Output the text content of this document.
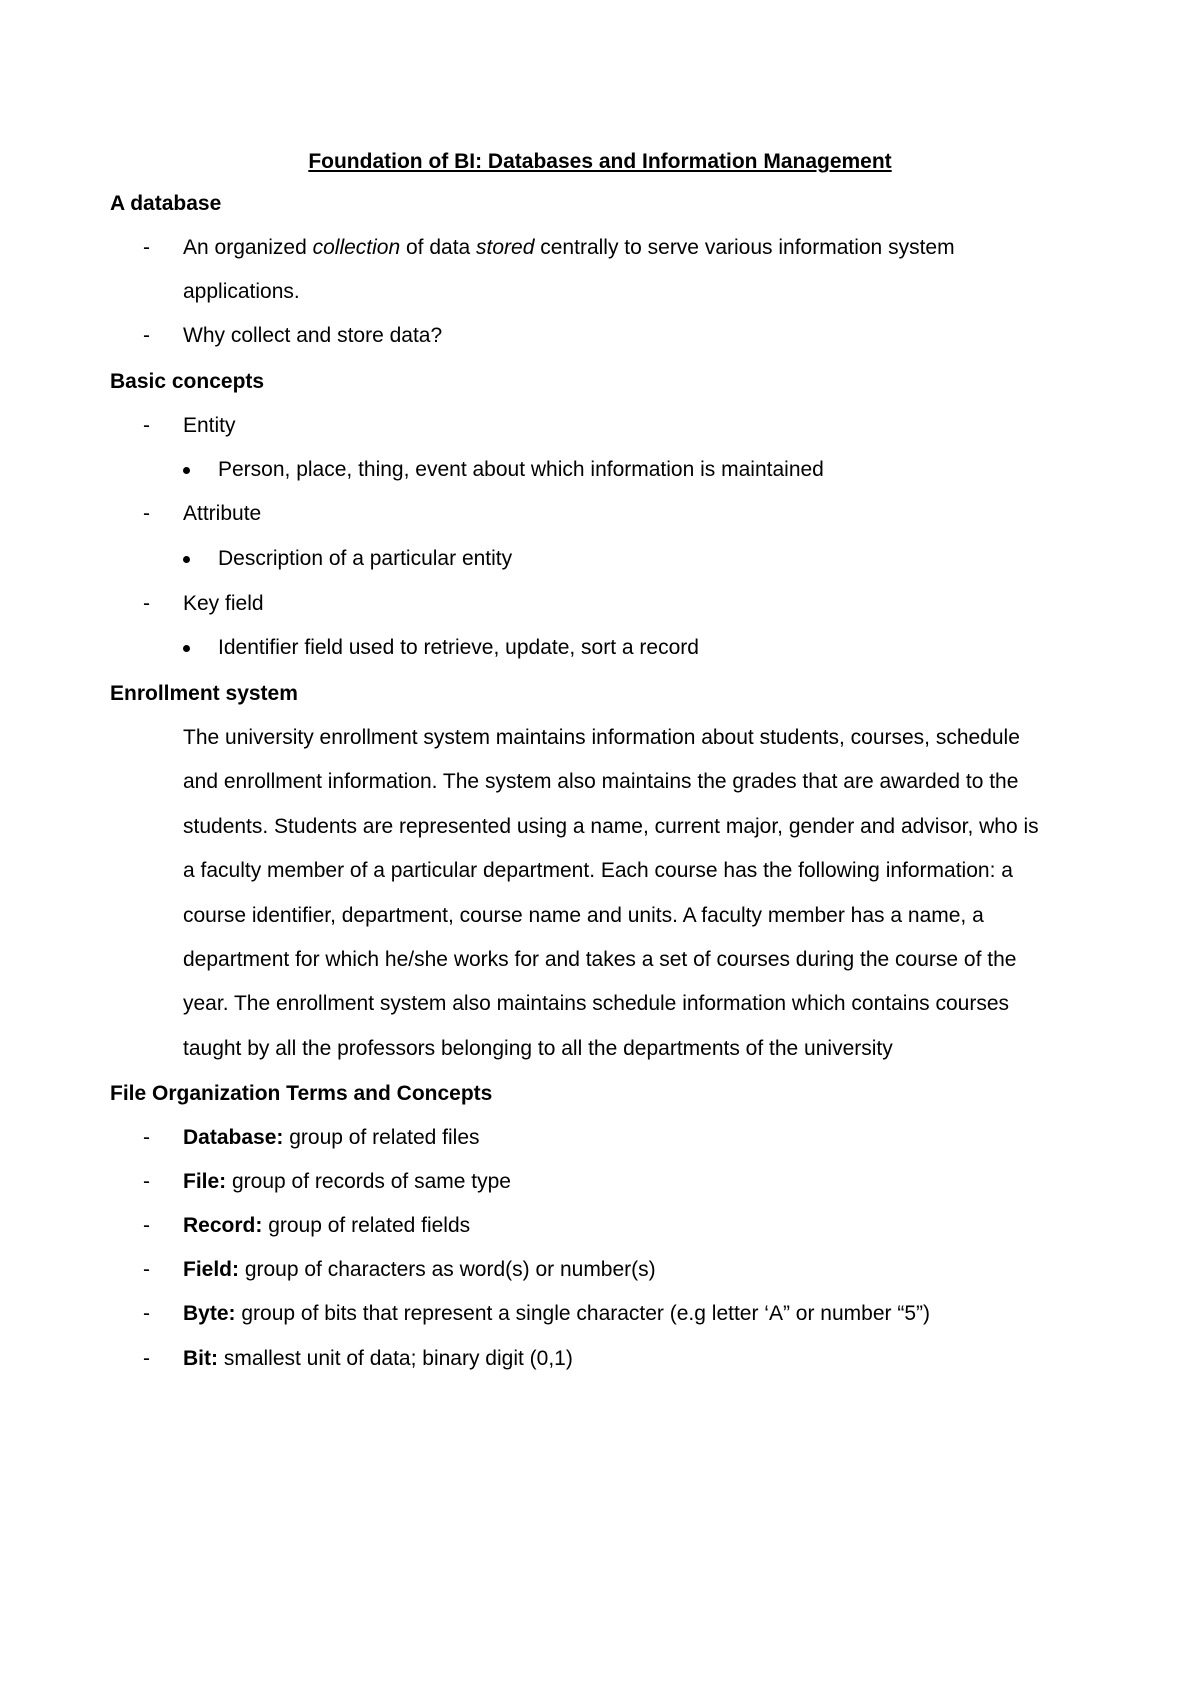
Foundation of BI: Databases and Information Management
A database
- An organized collection of data stored centrally to serve various information system
applications.
- Why collect and store data?
Basic concepts
- Entity
Person, place, thing, event about which information is maintained
- Attribute
Description of a particular entity
- Key field
Identifier field used to retrieve, update, sort a record
Enrollment system
The university enrollment system maintains information about students, courses, schedule
and enrollment information. The system also maintains the grades that are awarded to the
students. Students are represented using a name, current major, gender and advisor, who is
a faculty member of a particular department. Each course has the following information: a
course identifier, department, course name and units. A faculty member has a name, a
department for which he/she works for and takes a set of courses during the course of the
year. The enrollment system also maintains schedule information which contains courses
taught by all the professors belonging to all the departments of the university
File Organization Terms and Concepts
- Database: group of related files
- File: group of records of same type
- Record: group of related fields
- Field: group of characters as word(s) or number(s)
- Byte: group of bits that represent a single character (e.g letter ‘A” or number “5”)
- Bit: smallest unit of data; binary digit (0,1)
